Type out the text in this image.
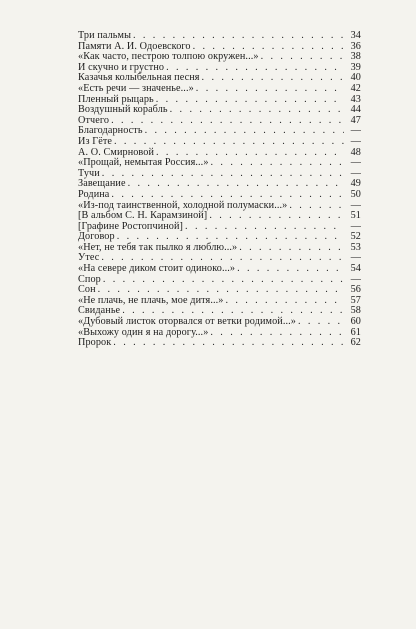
Три пальмы . . .	34
Памяти А. И. Одоевского . . .	36
«Как часто, пестрою толпою окружен...» . . .	38
И скучно и грустно . . .	39
Казачья колыбельная песня . . .	40
«Есть речи — значенье...» . . .	42
Пленный рыцарь . . .	43
Воздушный корабль . . .	44
Отчего . . .	47
Благодарность . . .	—
Из Гёте . . .	—
А. О. Смирновой . . .	48
«Прощай, немытая Россия...» . . .	—
Тучи . . .	—
Завещание . . .	49
Родина . . .	50
«Из-под таинственной, холодной полумаски...» . . .	—
[В альбом С. Н. Карамзиной] . . .	51
[Графине Ростопчиной] . . .	—
Договор . . .	52
«Нет, не тебя так пылко я люблю...» . . .	53
Утес . . .	—
«На севере диком стоит одиноко...» . . .	54
Спор . . .	—
Сон . . .	56
«Не плачь, не плачь, мое дитя...» . . .	57
Свиданье . . .	58
«Дубовый листок оторвался от ветки родимой...» . . .	60
«Выхожу один я на дорогу...» . . .	61
Пророк . . .	62
